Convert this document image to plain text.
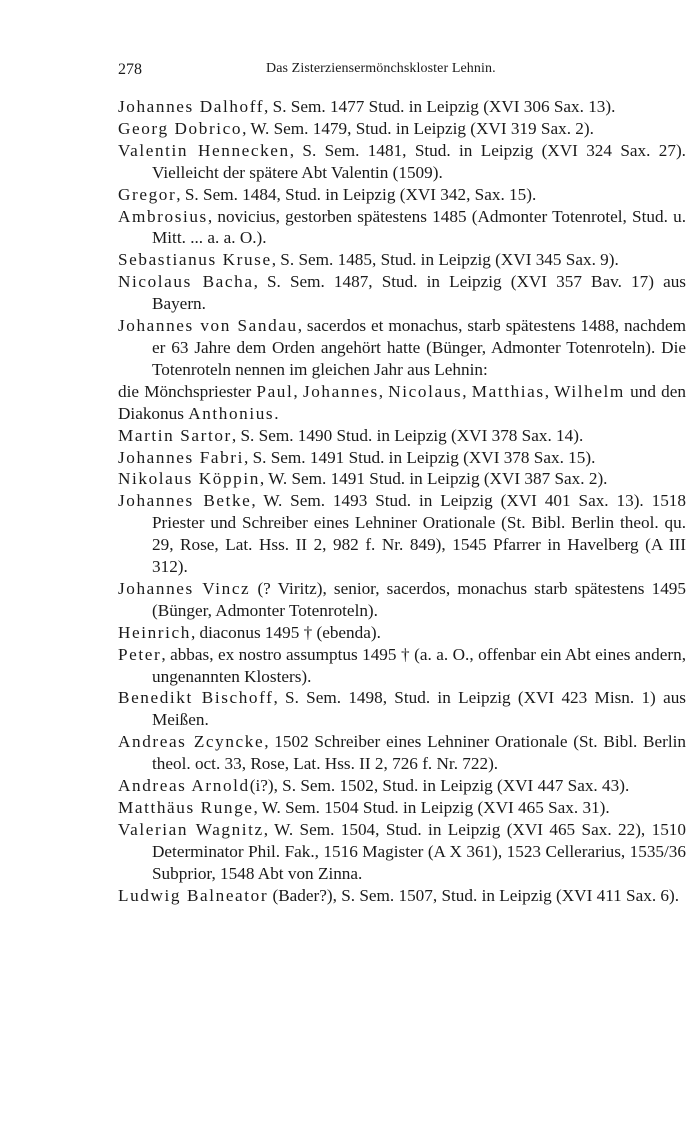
278	Das Zisterziensermönchskloster Lehnin.

Johannes Dalhoff, S. Sem. 1477 Stud. in Leipzig (XVI 306 Sax. 13).

Georg Dobrico, W. Sem. 1479, Stud. in Leipzig (XVI 319 Sax. 2).

Valentin Hennecken, S. Sem. 1481, Stud. in Leipzig (XVI 324 Sax. 27). Vielleicht der spätere Abt Valentin (1509).

Gregor, S. Sem. 1484, Stud. in Leipzig (XVI 342, Sax. 15).

Ambrosius, novicius, gestorben spätestens 1485 (Admonter Totenrotel, Stud. u. Mitt. ... a. a. O.).

Sebastianus Kruse, S. Sem. 1485, Stud. in Leipzig (XVI 345 Sax. 9).

Nicolaus Bacha, S. Sem. 1487, Stud. in Leipzig (XVI 357 Bav. 17) aus Bayern.

Johannes von Sandau, sacerdos et monachus, starb spätestens 1488, nachdem er 63 Jahre dem Orden angehört hatte (Bünger, Admonter Totenroteln). Die Totenroteln nennen im gleichen Jahr aus Lehnin:

die Mönchspriester Paul, Johannes, Nicolaus, Matthias, Wilhelm und den Diakonus Anthonius.

Martin Sartor, S. Sem. 1490 Stud. in Leipzig (XVI 378 Sax. 14).

Johannes Fabri, S. Sem. 1491 Stud. in Leipzig (XVI 378 Sax. 15).

Nikolaus Köppin, W. Sem. 1491 Stud. in Leipzig (XVI 387 Sax. 2).

Johannes Betke, W. Sem. 1493 Stud. in Leipzig (XVI 401 Sax. 13). 1518 Priester und Schreiber eines Lehniner Orationale (St. Bibl. Berlin theol. qu. 29, Rose, Lat. Hss. II 2, 982 f. Nr. 849), 1545 Pfarrer in Havelberg (A III 312).

Johannes Vincz (? Viritz), senior, sacerdos, monachus starb spätestens 1495 (Bünger, Admonter Totenroteln).

Heinrich, diaconus 1495 † (ebenda).

Peter, abbas, ex nostro assumptus 1495 † (a. a. O., offenbar ein Abt eines andern, ungenannten Klosters).

Benedikt Bischoff, S. Sem. 1498, Stud. in Leipzig (XVI 423 Misn. 1) aus Meißen.

Andreas Zcyncke, 1502 Schreiber eines Lehniner Orationale (St. Bibl. Berlin theol. oct. 33, Rose, Lat. Hss. II 2, 726 f. Nr. 722).

Andreas Arnold(i?), S. Sem. 1502, Stud. in Leipzig (XVI 447 Sax. 43).

Matthäus Runge, W. Sem. 1504 Stud. in Leipzig (XVI 465 Sax. 31).

Valerian Wagnitz, W. Sem. 1504, Stud. in Leipzig (XVI 465 Sax. 22), 1510 Determinator Phil. Fak., 1516 Magister (A X 361), 1523 Cellerarius, 1535/36 Subprior, 1548 Abt von Zinna.

Ludwig Balneator (Bader?), S. Sem. 1507, Stud. in Leipzig (XVI 411 Sax. 6).
